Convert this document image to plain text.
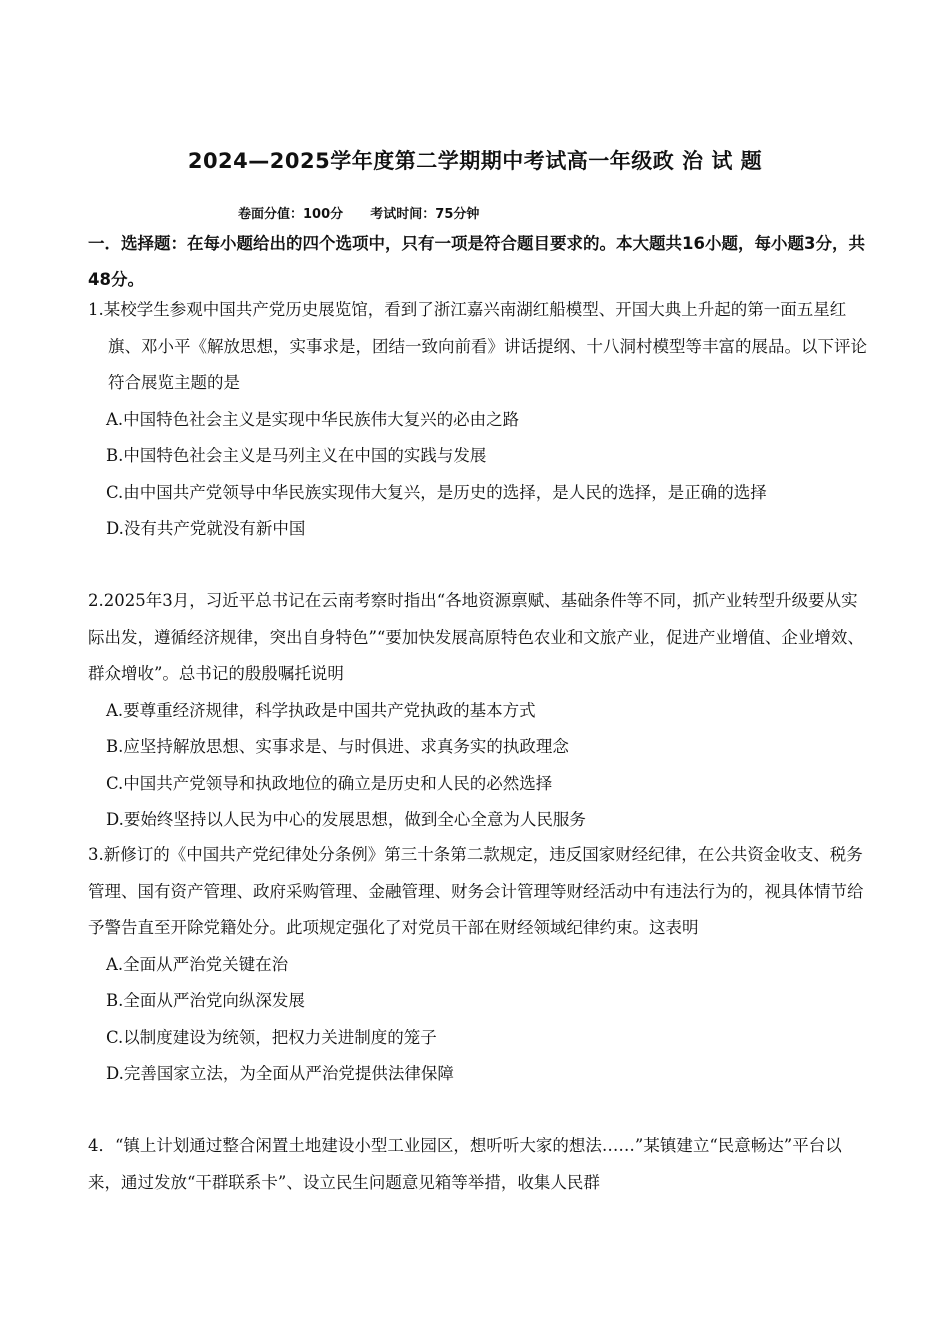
2024—2025学年度第二学期期中考试高一年级政 治 试 题
卷面分值：100分 考试时间：75分钟
一．选择题：在每小题给出的四个选项中，只有一项是符合题目要求的。本大题共16小题，每小题3分，共48分。
1.某校学生参观中国共产党历史展览馆，看到了浙江嘉兴南湖红船模型、开国大典上升起的第一面五星红旗、邓小平《解放思想，实事求是，团结一致向前看》讲话提纲、十八洞村模型等丰富的展品。以下评论符合展览主题的是
A.中国特色社会主义是实现中华民族伟大复兴的必由之路
B.中国特色社会主义是马列主义在中国的实践与发展
C.由中国共产党领导中华民族实现伟大复兴，是历史的选择，是人民的选择，是正确的选择
D.没有共产党就没有新中国
2.2025年3月，习近平总书记在云南考察时指出“各地资源禀赋、基础条件等不同，抓产业转型升级要从实际出发，遵循经济规律，突出自身特色”“要加快发展高原特色农业和文旅产业，促进产业增值、企业增效、群众增收”。总书记的殷殷嘱托说明
A.要尊重经济规律，科学执政是中国共产党执政的基本方式
B.应坚持解放思想、实事求是、与时俱进、求真务实的执政理念
C.中国共产党领导和执政地位的确立是历史和人民的必然选择
D.要始终坚持以人民为中心的发展思想，做到全心全意为人民服务
3.新修订的《中国共产党纪律处分条例》第三十条第二款规定，违反国家财经纪律，在公共资金收支、税务管理、国有资产管理、政府采购管理、金融管理、财务会计管理等财经活动中有违法行为的，视具体情节给予警告直至开除党籍处分。此项规定强化了对党员干部在财经领域纪律约束。这表明
A.全面从严治党关键在治
B.全面从严治党向纵深发展
C.以制度建设为统领，把权力关进制度的笼子
D.完善国家立法，为全面从严治党提供法律保障
4．“镇上计划通过整合闲置土地建设小型工业园区，想听听大家的想法……”某镇建立“民意畅达”平台以来，通过发放“干群联系卡”、设立民生问题意见箱等举措，收集人民群
